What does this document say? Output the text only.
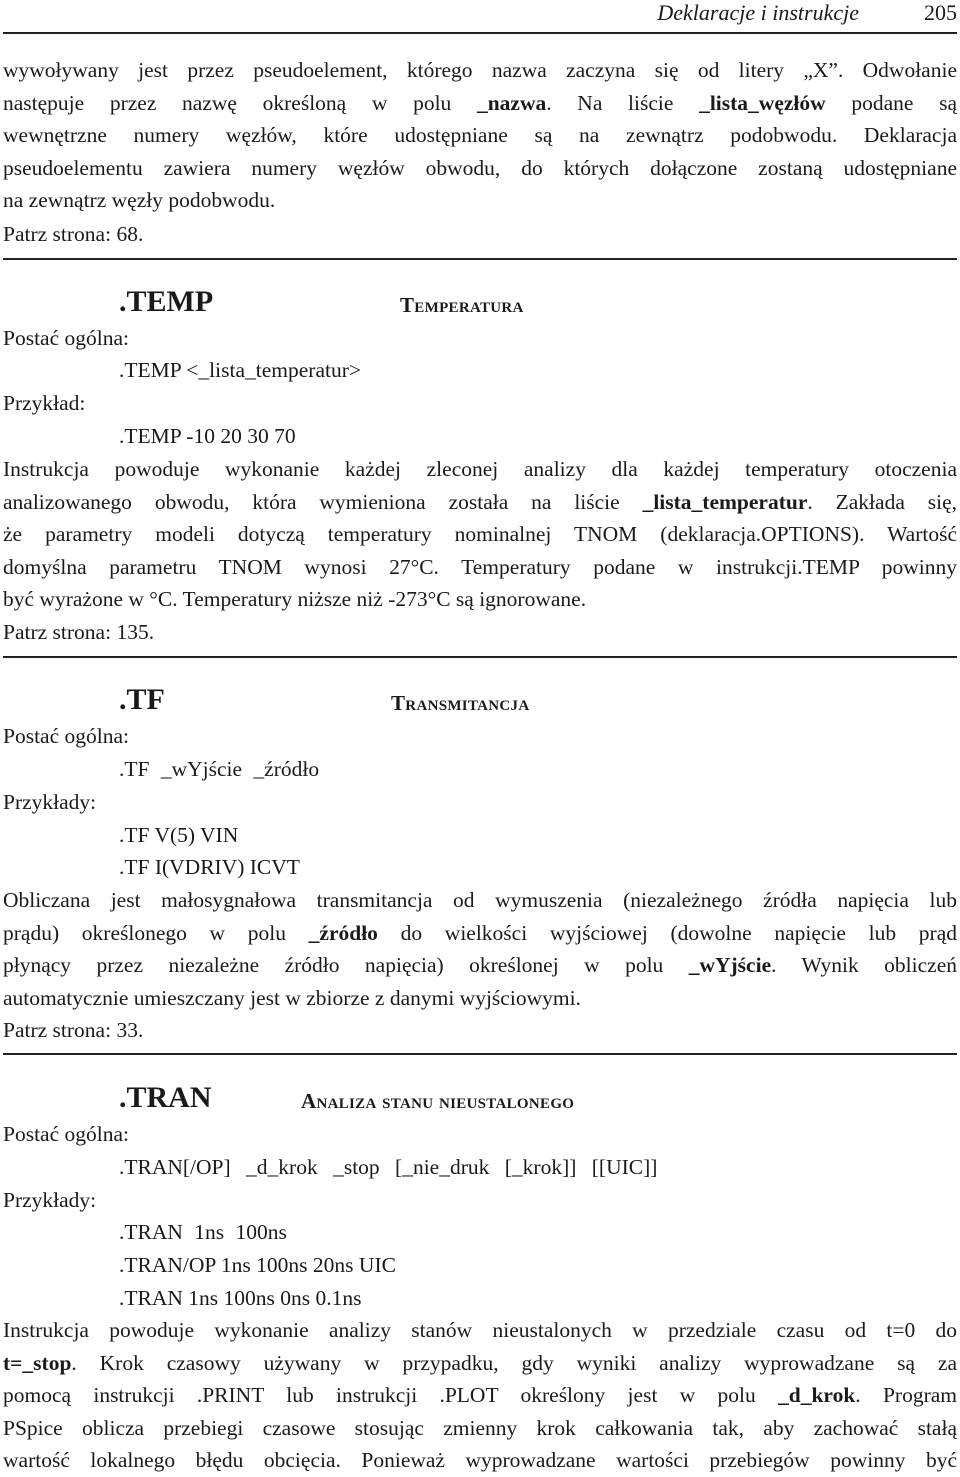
Deklaracje i instrukcje	205
wywoływany jest przez pseudoelement, którego nazwa zaczyna się od litery „X”. Odwołanie
następuje przez nazwę określoną w polu _nazwa. Na liście _lista_węzłów podane są
wewnętrzne numery węzłów, które udostępniane są na zewnątrz podobwodu. Deklaracja
pseudoelementu zawiera numery węzłów obwodu, do których dołączone zostaną udostępniane
na zewnątrz węzły podobwodu.
Patrz strona: 68.
.TEMP	Temperatura
Postać ogólna:
.TEMP <_lista_temperatur>
Przykład:
.TEMP -10 20 30 70
Instrukcja powoduje wykonanie każdej zleconej analizy dla każdej temperatury otoczenia
analizowanego obwodu, która wymieniona została na liście _lista_temperatur. Zakłada się,
że parametry modeli dotyczą temperatury nominalnej TNOM (deklaracja.OPTIONS). Wartość
domyślna parametru TNOM wynosi 27°C. Temperatury podane w instrukcji.TEMP powinny
być wyrażone w °C. Temperatury niższe niż -273°C są ignorowane.
Patrz strona: 135.
.TF	Transmitancja
Postać ogólna:
.TF _wYjście _źródło
Przykłady:
.TF V(5) VIN
.TF I(VDRIV) ICVT
Obliczana jest małosygnałowa transmitancja od wymuszenia (niezależnego źródła napięcia lub
prądu) określonego w polu _źródło do wielkości wyjściowej (dowolne napięcie lub prąd
płynący przez niezależne źródło napięcia) określonej w polu _wYjście. Wynik obliczeń
automatycznie umieszczany jest w zbiorze z danymi wyjściowymi.
Patrz strona: 33.
.TRAN	Analiza stanu nieustalonego
Postać ogólna:
.TRAN[/OP] _d_krok _stop [_nie_druk [_krok]] [[UIC]]
Przykłady:
.TRAN 1ns 100ns
.TRAN/OP 1ns 100ns 20ns UIC
.TRAN 1ns 100ns 0ns 0.1ns
Instrukcja powoduje wykonanie analizy stanów nieustalonych w przedziale czasu od t=0 do
t=_stop. Krok czasowy używany w przypadku, gdy wyniki analizy wyprowadzane są za
pomocą instrukcji .PRINT lub instrukcji .PLOT określony jest w polu _d_krok. Program
PSpice oblicza przebiegi czasowe stosując zmienny krok całkowania tak, aby zachować stałą
wartość lokalnego błędu obcięcia. Ponieważ wyprowadzane wartości przebiegów powinny być
